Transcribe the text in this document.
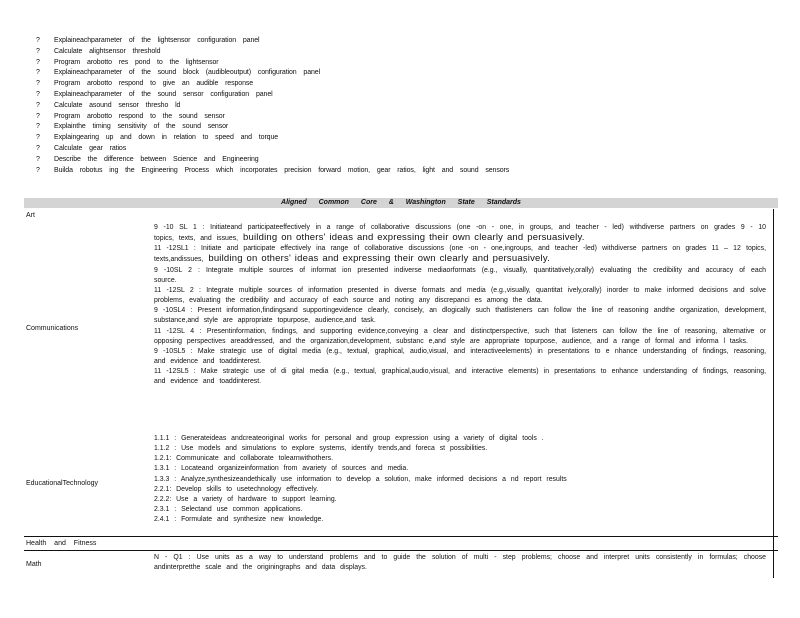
? Explaineachparameter of the lightsensor configuration panel
? Calculate alightsensor threshold
? Program arobotto res pond to the lightsensor
? Explaineachparameter of the sound block (audibleoutput) configuration panel
? Program arobotto respond to give an audible response
? Explaineachparameter of the sound sensor configuration panel
? Calculate asound sensor thresho ld
? Program arobotto respond to the sound sensor
? Explainthe timing sensitivity of the sound sensor
? Explaingearing up and down in relation to speed and torque
? Calculate gear ratios
? Describe the difference between Science and Engineering
? Builda robotus ing the Engineering Process which incorporates precision forward motion, gear ratios, light and sound sensors
Aligned Common Core & Washington State Standards
Art
Communications
EducationalTechnology
Health and Fitness
Math

9 -10 SL 1 : Initiateand participateeffectively in a range of collaborative discussions (one -on - one, in groups, and teacher - led) withdiverse partners on grades 9 - 10 topics, texts, and issues, building on others' ideas and expressing their own clearly and persuasively.

11 -12SL1 : Initiate and participate effectively ina range of collaborative discussions (one -on - one,ingroups, and teacher -led) withdiverse partners on grades 11 – 12 topics, texts,andissues, building on others' ideas and expressing their own clearly and persuasively.

9 -10SL 2 : Integrate multiple sources of informat ion presented indiverse mediaorformats (e.g., visually, quantitatively,orally) evaluating the credibility and accuracy of each source.

11 -12SL 2 : Integrate multiple sources of information presented in diverse formats and media (e.g.,visually, quantitat ively,orally) inorder to make informed decisions and solve problems, evaluating the credibility and accuracy of each source and noting any discrepanci es among the data.

9 -10SL4 : Present information,findingsand supportingevidence clearly, concisely, an dlogically such thatlisteners can follow the line of reasoning andthe organization, development, substance,and style are appropriate topurpose, audience,and task.

11 -12SL 4 : Presentinformation, findings, and supporting evidence,conveying a clear and distinctperspective, such that listeners can follow the line of reasoning, alternative or opposing perspectives areaddressed, and the organization,development, substanc e,and style are appropriate topurpose, audience, and a range of formal and informa l tasks.

9 -10SL5 : Make strategic use of digital media (e.g., textual, graphical, audio,visual, and interactiveelements) in presentations to e nhance understanding of findings, reasoning, and evidence and toaddinterest.

11 -12SL5 : Make strategic use of di gital media (e.g., textual, graphical,audio,visual, and interactive elements) in presentations to enhance understanding of findings, reasoning, and evidence and toaddinterest.

1.1.1 : Generateideas andcreateoriginal works for personal and group expression using a variety of digital tools .

1.1.2 : Use models and simulations to explore systems, identify trends,and foreca st possibilities.

1.2.1: Communicate and collaborate tolearnwithothers.

1.3.1 : Locateand organizeinformation from avariety of sources and media.

1.3.3 : Analyze,synthesizeandethically use information to develop a solution, make informed decisions a nd report results

2.2.1: Develop skills to usetechnology effectively.

2.2.2: Use a variety of hardware to support learning.

2.3.1 : Selectand use common applications.

2.4.1 : Formulate and synthesize new knowledge.

N - Q1 : Use units as a way to understand problems and to guide the solution of multi - step problems; choose and interpret units consistently in formulas; choose andinterpretthe scale and the originingraphs and data displays.
